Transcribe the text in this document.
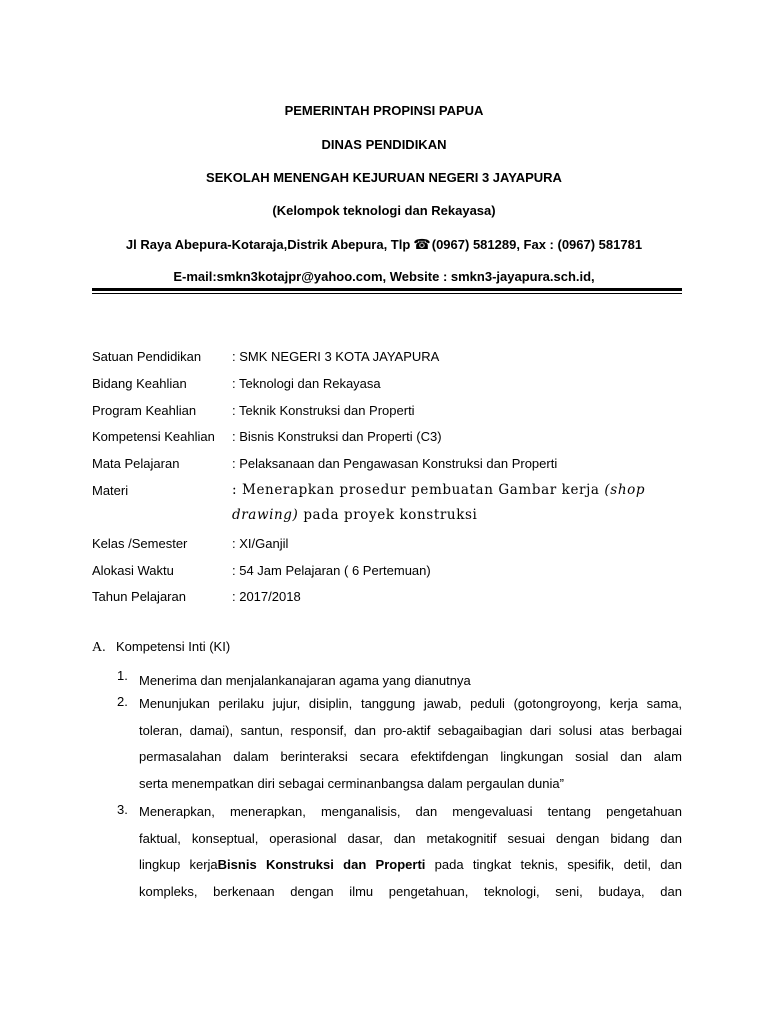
PEMERINTAH PROPINSI PAPUA
DINAS PENDIDIKAN
SEKOLAH MENENGAH KEJURUAN NEGERI 3 JAYAPURA
(Kelompok teknologi dan Rekayasa)
Jl Raya Abepura-Kotaraja,Distrik Abepura, Tlp ☎(0967) 581289, Fax : (0967) 581781
E-mail:smkn3kotajpr@yahoo.com, Website : smkn3-jayapura.sch.id,
Satuan Pendidikan : SMK NEGERI 3 KOTA JAYAPURA
Bidang Keahlian	: Teknologi dan Rekayasa
Program Keahlian	: Teknik Konstruksi dan Properti
Kompetensi Keahlian : Bisnis Konstruksi dan Properti (C3)
Mata Pelajaran	: Pelaksanaan dan Pengawasan Konstruksi dan Properti
Materi	: Menerapkan prosedur pembuatan Gambar kerja (shop
drawing) pada proyek konstruksi
Kelas /Semester	: XI/Ganjil
Alokasi Waktu	: 54 Jam Pelajaran ( 6 Pertemuan)
Tahun Pelajaran	: 2017/2018
A. Kompetensi Inti (KI)
1. Menerima dan menjalankanajaran agama yang dianutnya
2. Menunjukan perilaku jujur, disiplin, tanggung jawab, peduli (gotongroyong, kerja sama,
toleran, damai), santun, responsif, dan pro-aktif sebagaibagian dari solusi atas berbagai
permasalahan dalam berinteraksi secara efektifdengan lingkungan sosial dan alam
serta menempatkan diri sebagai cerminanbangsa dalam pergaulan dunia”
3. Menerapkan, menerapkan, menganalisis, dan mengevaluasi tentang pengetahuan
faktual, konseptual, operasional dasar, dan metakognitif sesuai dengan bidang dan
lingkup kerjaBisnis Konstruksi dan Properti pada tingkat teknis, spesifik, detil, dan
kompleks, berkenaan dengan ilmu pengetahuan, teknologi, seni, budaya, dan
